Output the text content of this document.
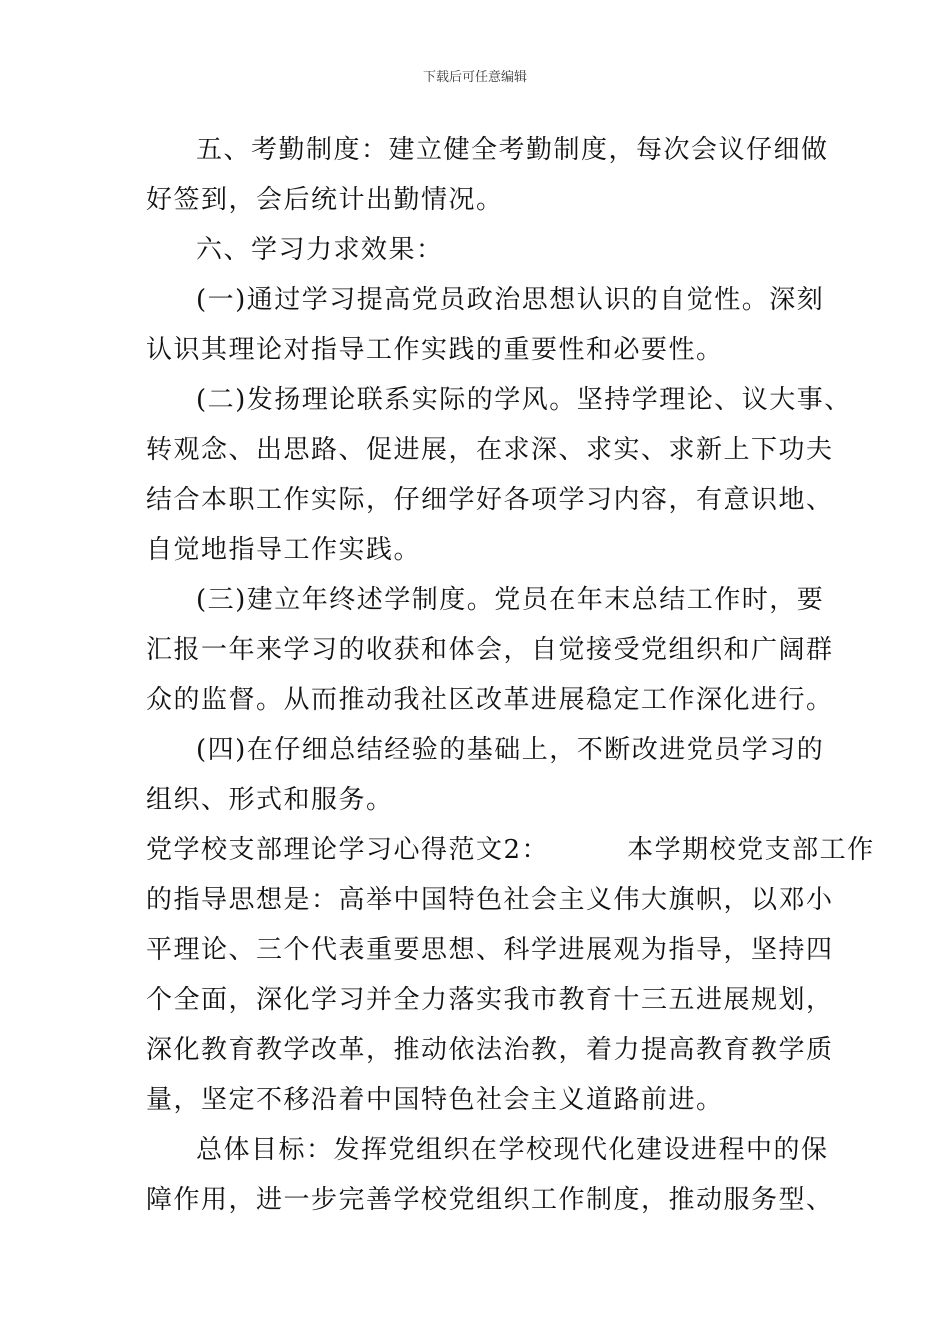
下载后可任意编辑
五、考勤制度：建立健全考勤制度，每次会议仔细做
好签到，会后统计出勤情况。
六、学习力求效果：
(一)通过学习提高党员政治思想认识的自觉性。深刻
认识其理论对指导工作实践的重要性和必要性。
(二)发扬理论联系实际的学风。坚持学理论、议大事、
转观念、出思路、促进展，在求深、求实、求新上下功夫
结合本职工作实际，仔细学好各项学习内容，有意识地、
自觉地指导工作实践。
(三)建立年终述学制度。党员在年末总结工作时，要
汇报一年来学习的收获和体会，自觉接受党组织和广阔群
众的监督。从而推动我社区改革进展稳定工作深化进行。
(四)在仔细总结经验的基础上，不断改进党员学习的
组织、形式和服务。
党学校支部理论学习心得范文2：        本学期校党支部工作
的指导思想是：高举中国特色社会主义伟大旗帜，以邓小
平理论、三个代表重要思想、科学进展观为指导，坚持四
个全面，深化学习并全力落实我市教育十三五进展规划，
深化教育教学改革，推动依法治教，着力提高教育教学质
量，坚定不移沿着中国特色社会主义道路前进。
总体目标：发挥党组织在学校现代化建设进程中的保
障作用，进一步完善学校党组织工作制度，推动服务型、
